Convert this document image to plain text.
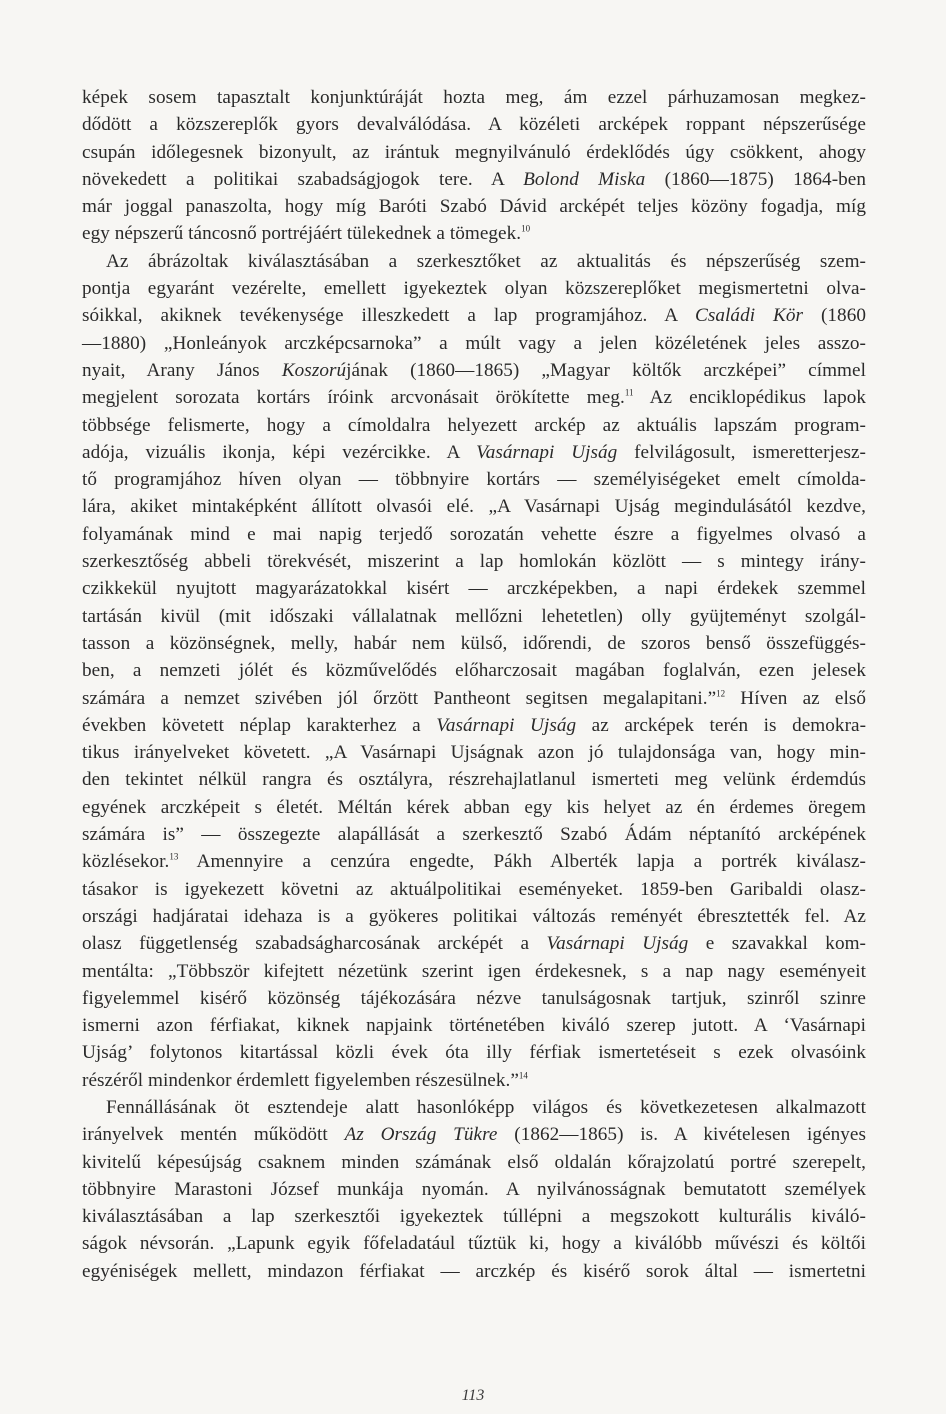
képek sosem tapasztalt konjunktúráját hozta meg, ám ezzel párhuzamosan megkez-
dődött a közszereplők gyors devalválódása. A közéleti arcképek roppant népszerűsége
csupán időlegesnek bizonyult, az irántuk megnyilvánuló érdeklődés úgy csökkent, ahogy
növekedett a politikai szabadságjogok tere. A Bolond Miska (1860—1875) 1864-ben
már joggal panaszolta, hogy míg Baróti Szabó Dávid arcképét teljes közöny fogadja, míg
egy népszerű táncosnő portréjáért tülekednek a tömegek.$^{10}$
Az ábrázoltak kiválasztásában a szerkesztőket az aktualitás és népszerűség szem-
pontja egyaránt vezérelte, emellett igyekeztek olyan közszereplőket megismertetni olva-
sóikkal, akiknek tevékenysége illeszkedett a lap programjához. A Családi Kör (1860
—1880) „Honleányok arczképcsarnoka” a múlt vagy a jelen közéletének jeles asszo-
nyait, Arany János Koszorújának (1860—1865) „Magyar költők arczképei” címmel
megjelent sorozata kortárs íróink arcvonásait örökítette meg.$^{11}$ Az enciklopédikus lapok
többsége felismerte, hogy a címoldalra helyezett arckép az aktuális lapszám program-
adója, vizuális ikonja, képi vezércikke. A Vasárnapi Ujság felvilágosult, ismeretterjesz-
tő programjához híven olyan — többnyire kortárs — személyiségeket emelt címolda-
lára, akiket mintaképként állított olvasói elé. „A Vasárnapi Ujság megindulásától kezdve,
folyamának mind e mai napig terjedő sorozatán vehette észre a figyelmes olvasó a
szerkesztőség abbeli törekvését, miszerint a lap homlokán közlött — s mintegy irány-
czikkekül nyujtott magyarázatokkal kisért — arczképekben, a napi érdekek szemmel
tartásán kivül (mit időszaki vállalatnak mellőzni lehetetlen) olly gyüjteményt szolgál-
tasson a közönségnek, melly, habár nem külső, időrendi, de szoros benső összefüggés-
ben, a nemzeti jólét és közművelődés előharczosait magában foglalván, ezen jelesek
számára a nemzet szivében jól őrzött Pantheont segitsen megalapitani.”$^{12}$ Híven az első
években követett néplap karakterhez a Vasárnapi Ujság az arcképek terén is demokra-
tikus irányelveket követett. „A Vasárnapi Ujságnak azon jó tulajdonsága van, hogy min-
den tekintet nélkül rangra és osztályra, részrehajlatlanul ismerteti meg velünk érdemdús
egyének arczképeit s életét. Méltán kérek abban egy kis helyet az én érdemes öregem
számára is” — összegezte alapállását a szerkesztő Szabó Ádám néptanító arcképének
közlésekor.$^{13}$ Amennyire a cenzúra engedte, Pákh Alberték lapja a portrék kiválasz-
tásakor is igyekezett követni az aktuálpolitikai eseményeket. 1859-ben Garibaldi olasz-
országi hadjáratai idehaza is a gyökeres politikai változás reményét ébresztették fel. Az
olasz függetlenség szabadságharcosának arcképét a Vasárnapi Ujság e szavakkal kom-
mentálta: „Többször kifejtett nézetünk szerint igen érdekesnek, s a nap nagy eseményeit
figyelemmel kisérő közönség tájékozására nézve tanulságosnak tartjuk, szinről szinre
ismerni azon férfiakat, kiknek napjaink történetében kiváló szerep jutott. A ‘Vasárnapi
Ujság’ folytonos kitartással közli évek óta illy férfiak ismertetéseit s ezek olvasóink
részéről mindenkor érdemlett figyelemben részesülnek.”$^{14}$
Fennállásának öt esztendeje alatt hasonlóképp világos és következetesen alkalmazott
irányelvek mentén működött Az Ország Tükre (1862—1865) is. A kivételesen igényes
kivitelű képesújság csaknem minden számának első oldalán kőrajzolatú portré szerepelt,
többnyire Marastoni József munkája nyomán. A nyilvánosságnak bemutatott személyek
kiválasztásában a lap szerkesztői igyekeztek túllépni a megszokott kulturális kiváló-
ságok névsorán. „Lapunk egyik főfeladatául tűztük ki, hogy a kiválóbb művészi és költői
egyéniségek mellett, mindazon férfiakat — arczkép és kisérő sorok által — ismertetni
113
